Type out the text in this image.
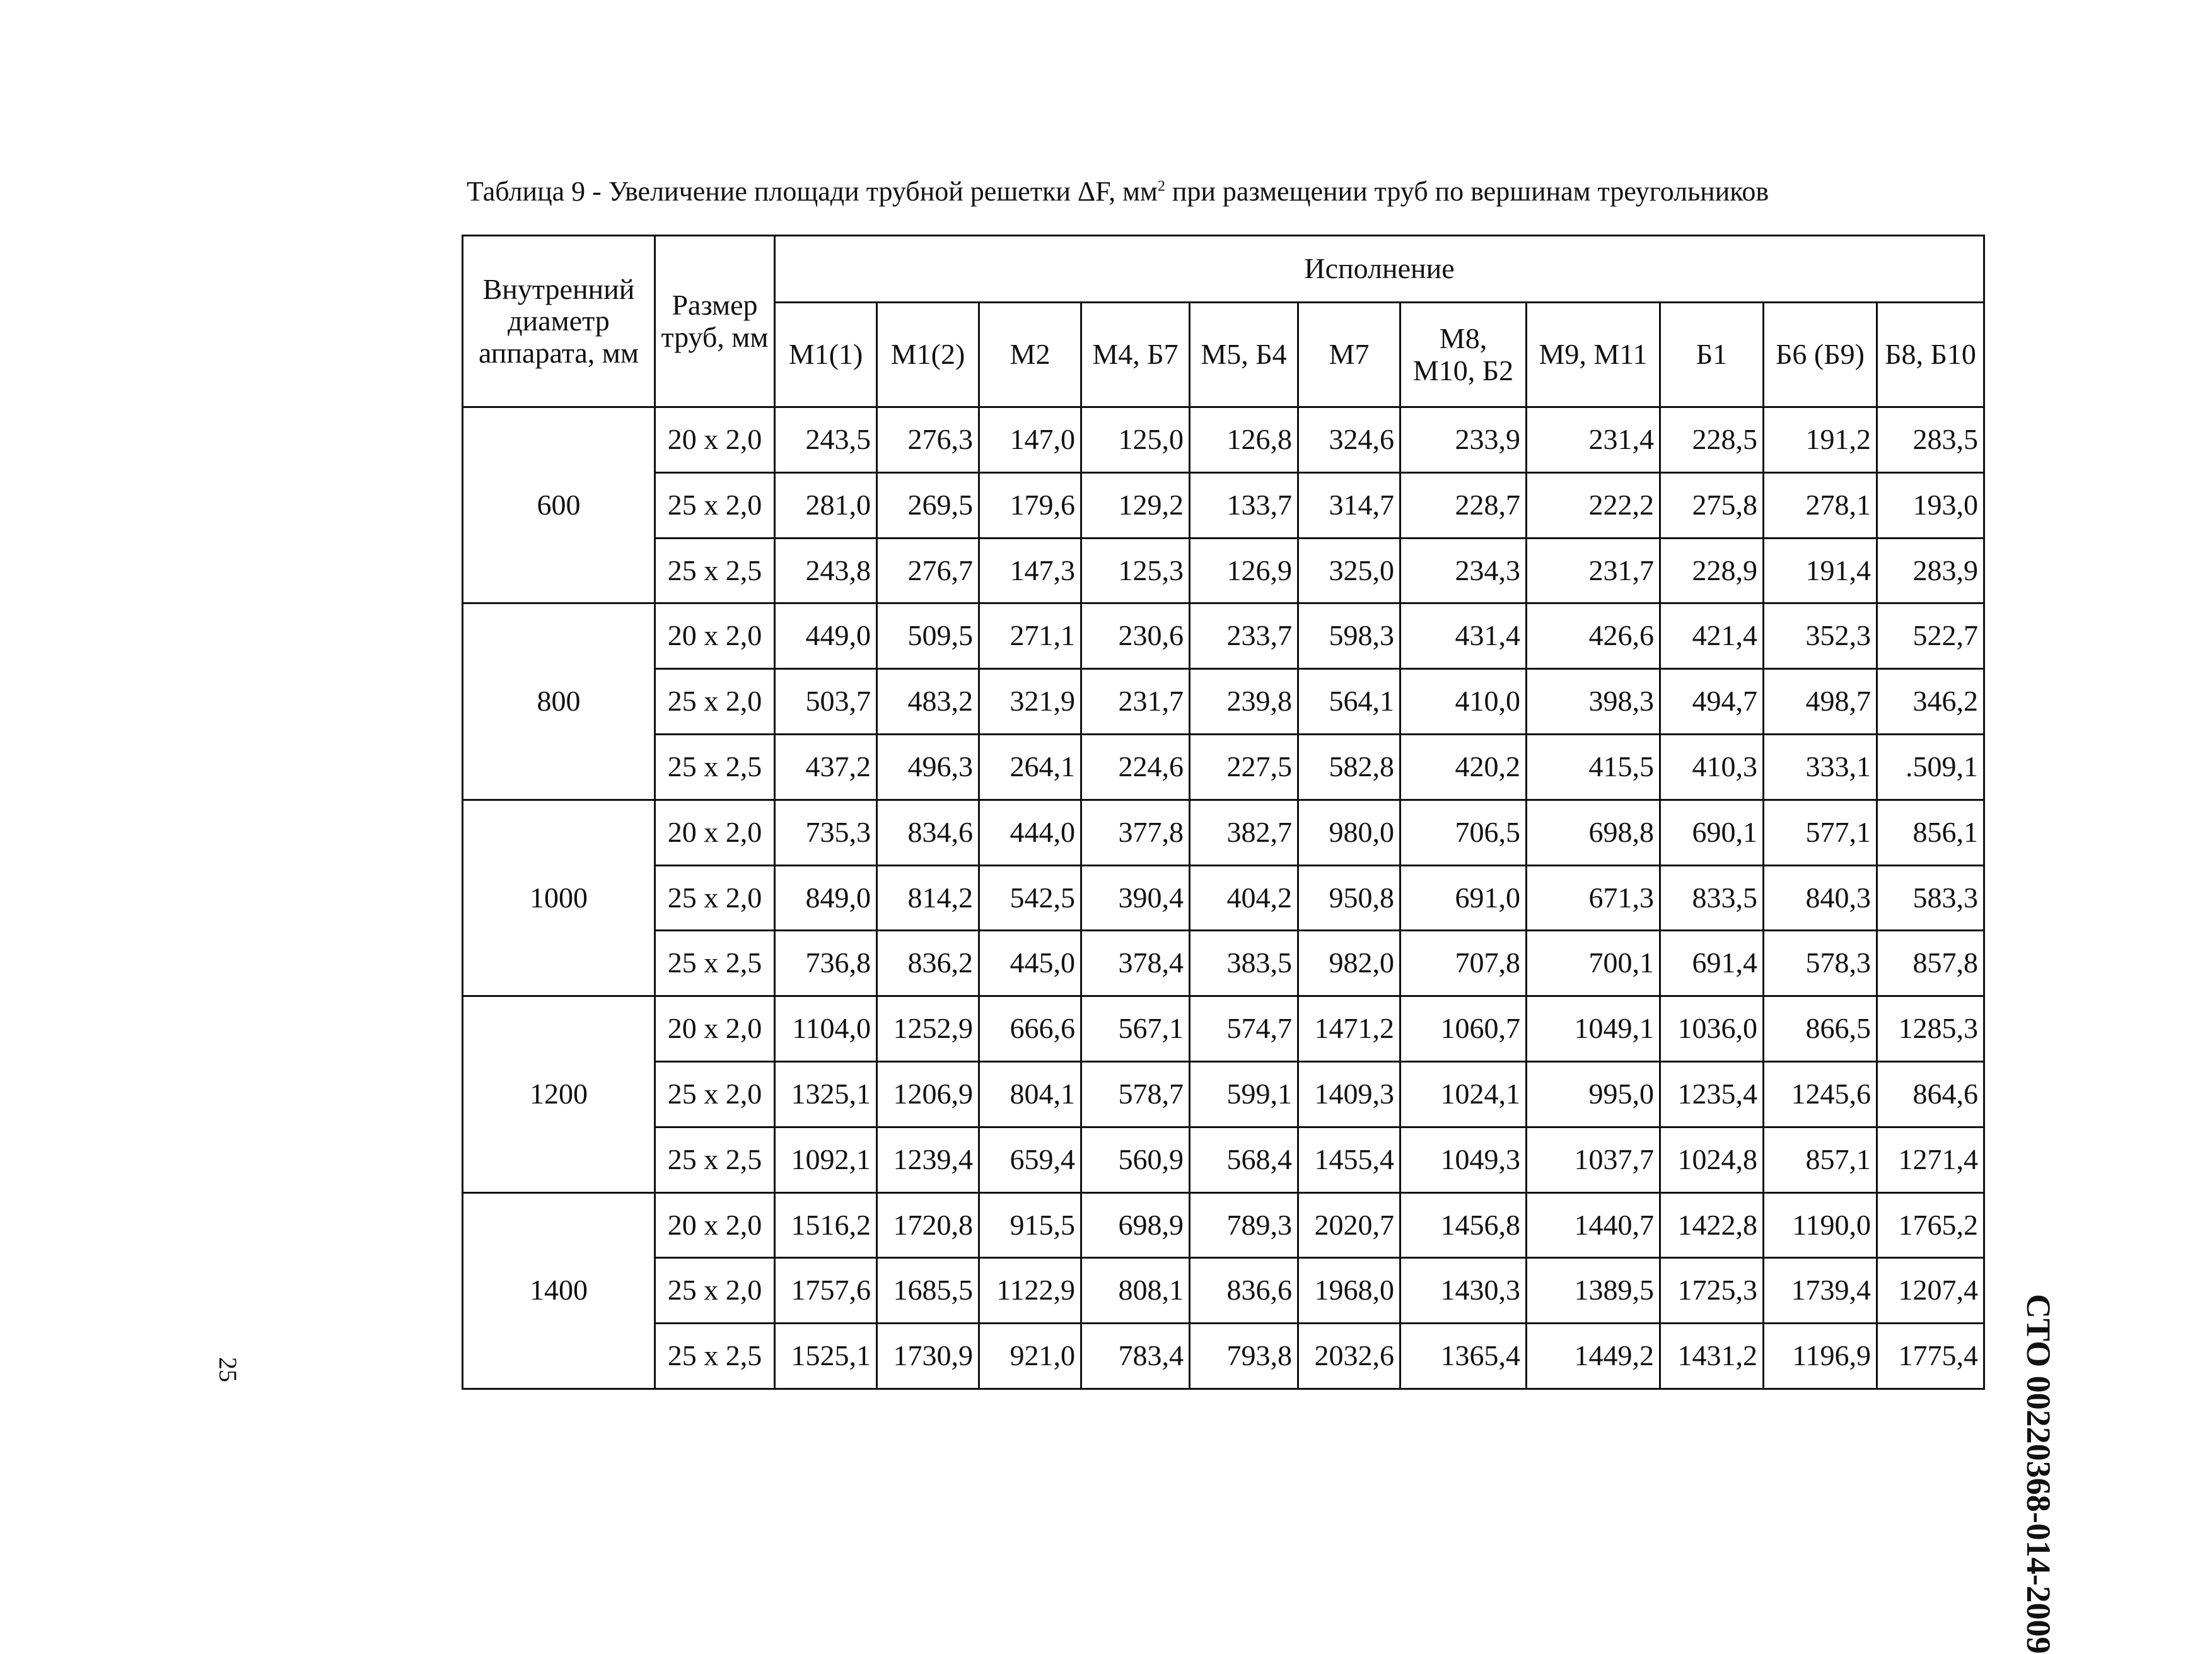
Таблица 9 - Увеличение площади трубной решетки ΔF, $мм^2$ при размещении труб по вершинам треугольников
Внутренний диаметр аппарата, мм	Размер труб, мм	Исполнение										
		М1(1)	М1(2)	М2	М4, Б7	М5, Б4	М7	М8, М10, Б2	М9, М11	Б1	Б6 (Б9)	Б8, Б10
600	20 х 2,0	243,5	276,3	147,0	125,0	126,8	324,6	233,9	231,4	228,5	191,2	283,5
	25 х 2,0	281,0	269,5	179,6	129,2	133,7	314,7	228,7	222,2	275,8	278,1	193,0
	25 х 2,5	243,8	276,7	147,3	125,3	126,9	325,0	234,3	231,7	228,9	191,4	283,9
800	20 х 2,0	449,0	509,5	271,1	230,6	233,7	598,3	431,4	426,6	421,4	352,3	522,7
	25 х 2,0	503,7	483,2	321,9	231,7	239,8	564,1	410,0	398,3	494,7	498,7	346,2
	25 х 2,5	437,2	496,3	264,1	224,6	227,5	582,8	420,2	415,5	410,3	333,1	.509,1
1000	20 х 2,0	735,3	834,6	444,0	377,8	382,7	980,0	706,5	698,8	690,1	577,1	856,1
	25 х 2,0	849,0	814,2	542,5	390,4	404,2	950,8	691,0	671,3	833,5	840,3	583,3
	25 х 2,5	736,8	836,2	445,0	378,4	383,5	982,0	707,8	700,1	691,4	578,3	857,8
1200	20 х 2,0	1104,0	1252,9	666,6	567,1	574,7	1471,2	1060,7	1049,1	1036,0	866,5	1285,3
	25 х 2,0	1325,1	1206,9	804,1	578,7	599,1	1409,3	1024,1	995,0	1235,4	1245,6	864,6
	25 х 2,5	1092,1	1239,4	659,4	560,9	568,4	1455,4	1049,3	1037,7	1024,8	857,1	1271,4
1400	20 х 2,0	1516,2	1720,8	915,5	698,9	789,3	2020,7	1456,8	1440,7	1422,8	1190,0	1765,2
	25 х 2,0	1757,6	1685,5	1122,9	808,1	836,6	1968,0	1430,3	1389,5	1725,3	1739,4	1207,4
	25 х 2,5	1525,1	1730,9	921,0	783,4	793,8	2032,6	1365,4	1449,2	1431,2	1196,9	1775,4 СТО 00220368-014-2009
25
